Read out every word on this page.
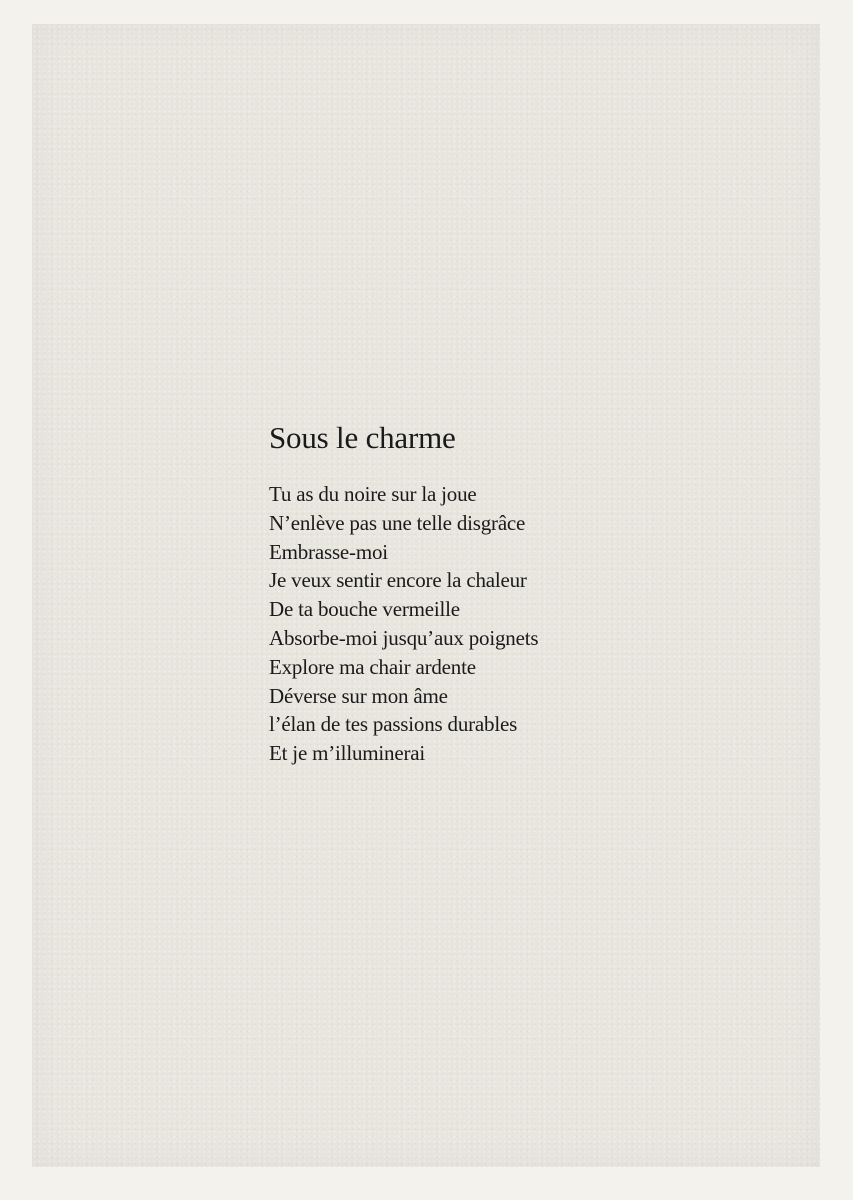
Sous le charme
Tu as du noire sur la joue
N’enlève pas une telle disgrâce
Embrasse-moi
Je veux sentir encore la chaleur
De ta bouche vermeille
Absorbe-moi jusqu’aux poignets
Explore ma chair ardente
Déverse sur mon âme
l’élan de tes passions durables
Et je m’illuminerai
